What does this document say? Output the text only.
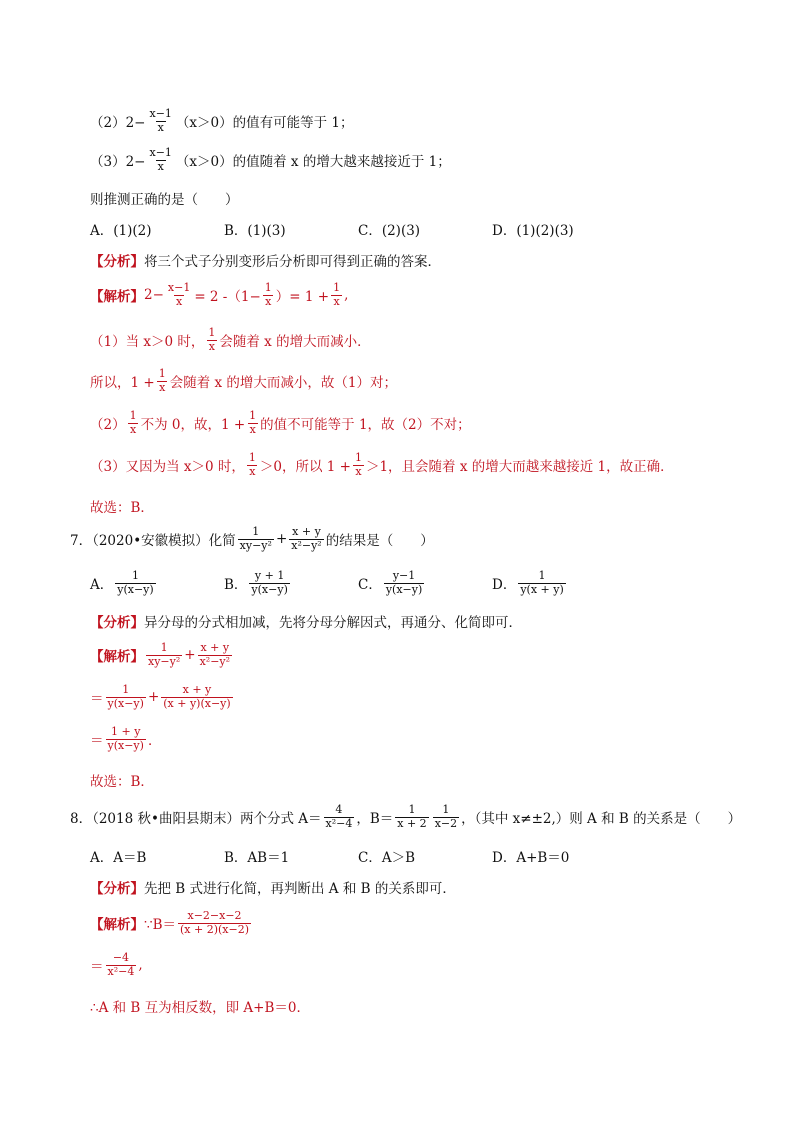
$(2)2- \frac{x-1}{x} (x>0)$的值有可能等于 1；
$(3)2- \frac{x-1}{x} (x>0)$的值随着 x 的增大越来越接近于 1；
则推测正确的是（　　）
A．(1)(2)	B．(1)(3)	C．(2)(3)	D．(1)(2)(3)
【分析】 将三个式子分别变形后分析即可得到正确的答案．
【解析】 $2- \frac{x-1}{x} = 2$ $-(1- \frac{1}{x}$ ）= $1 + \frac{1}{x}$ ,
（1）当 x＞0 时， $\frac{1}{x}$ 会随着 x 的增大而减小．
所以，$1 + \frac{1}{x}$ 会随着 x 的增大而减小，故（1）对；
$(2) \frac{1}{x}$ 不为 0，故，$1 + \frac{1}{x}$ 的值不可能等于 1，故（2）不对；
（3）又因为当 x＞0 时， $\frac{1}{x} >0$，所以 $1 + \frac{1}{x} >1$，且会随着 x 的增大而越来越接近 1，故正确．
故选：B．
7．（2020•安徽模拟）化简 $\frac{1}{\text{xy−y²}} + \frac{x + y}{\text{x²−y²}}$ 的结果是（　　）
A． $\frac{1}{y(x-y)}$	B． $\frac{y + 1}{y(x-y)}$	C． $\frac{y-1}{y(x-y)}$	D． $\frac{1}{y(x + y)}$
【分析】 异分母的分式相加减，先将分母分解因式，再通分、化简即可．
【解析】 $\frac{1}{\text{xy−y²}} + \frac{x + y}{\text{x²−y²}}$
＝ $\frac{1}{y(x-y)} + \frac{x + y}{(x + y)(x-y)}$
＝ $\frac{1 + y}{y(x-y)}$ ．
故选：B．
8．（2018 秋•曲阳县期末）两个分式 $A= \frac{4}{\text{x²−4}}$ ，$B= \frac{1}{x + 2} \frac{1}{x-2}$ ，（其中 x≠±2,）则 A 和 B 的关系是（　　）
A．A＝B	B．AB＝1	C．A＞B	D．A+B＝0
【分析】 先把 B 式进行化简，再判断出 A 和 B 的关系即可．
【解析】 ∵B＝ $\frac{x-2-x-2}{(x + 2)(x-2)}$
＝ $\frac{-4}{\text{x²−4}}$ ,
∴A 和 B 互为相反数，即 A+B＝0．
